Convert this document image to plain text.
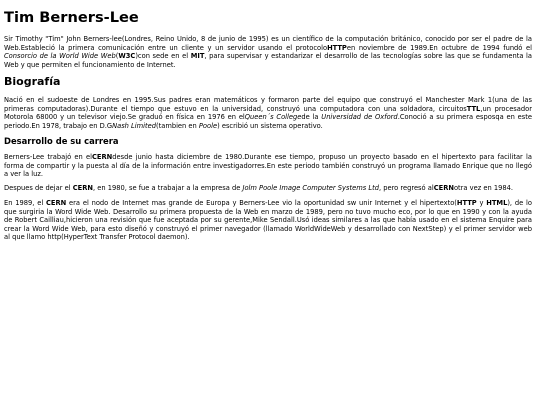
Tim Berners-Lee
Sir Timothy "Tim" John Berners-lee(Londres, Reino Unido, 8 de junio de 1995) es un científico de la computación británico, conocido por ser el padre de la
Web.Estableció la primera comunicación entre un cliente y un servidor usando el protocoloHTTPen noviembre de 1989.En octubre de 1994 fundó el
Consorcio de la World Wide Web(W3C)con sede en el MIT, para supervisar y estandarizar el desarrollo de las tecnologías sobre las que se fundamenta la
Web y que permiten el funcionamiento de Internet.
Biografía
Nació en el sudoeste de Londres en 1995.Sus padres eran matemáticos y formaron parte del equipo que construyó el Manchester Mark 1(una de las
primeras computadoras).Durante el tiempo que estuvo en la universidad, construyó una computadora con una soldadora, circuitosTTL,un procesador
Motorola 68000 y un televisor viejo.Se graduó en física en 1976 en elQueen´s Collegede la Universidad de Oxford.Conoció a su primera esposqa en este
periodo.En 1978, trabajo en D.GNash Limited(tambien en Poole) escribió un sistema operativo.
Desarrollo de su carrera
Berners-Lee trabajó en elCERNdesde junio hasta diciembre de 1980.Durante ese tiempo, propuso un proyecto basado en el hipertexto para facilitar la
forma de compartir y la puesta al día de la información entre investigadorres.En este periodo también construyó un programa llamado Enrique que no llegó
a ver la luz.
Despues de dejar el CERN, en 1980, se fue a trabajar a la empresa de Jolm Poole Image Computer Systems Ltd, pero regresó alCERNotra vez en 1984.
En 1989, el CERN era el nodo de Internet mas grande de Europa y Berners-Lee vio la oportunidad sw unir Internet y el hipertexto(HTTP y HTML), de lo
que surgiria la Word Wide Web. Desarrollo su primera propuesta de la Web en marzo de 1989, pero no tuvo mucho eco, por lo que en 1990 y con la ayuda
de Robert Cailliau,hicieron una revisión que fue aceptada por su gerente,Mike Sendall.Usó ideas similares a las que había usado en el sistema Enquire para
crear la Word Wide Web, para esto diseñó y construyó el primer navegador (llamado WorldWideWeb y desarrollado con NextStep) y el primer servidor web
al que llamo http(HyperText Transfer Protocol daemon).
